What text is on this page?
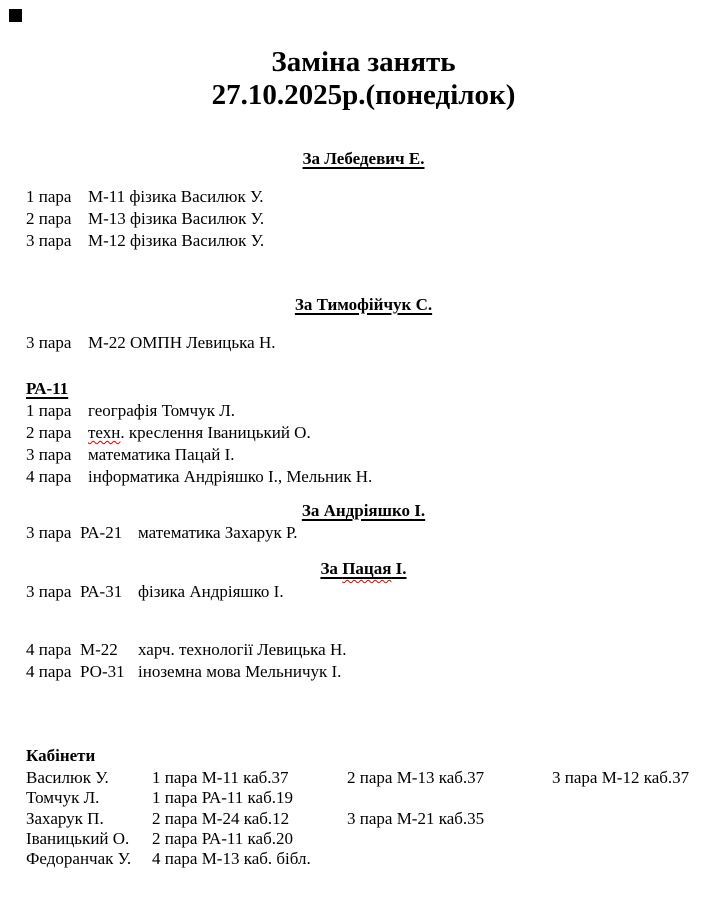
Заміна занять
27.10.2025р.(понеділок)
За Лебедевич Е.
1 пара М-11 фізика Василюк У.
2 пара М-13 фізика Василюк У.
3 пара М-12 фізика Василюк У.
За Тимофійчук С.
3 пара М-22 ОМПН Левицька Н.
РА-11
1 пара географія Томчук Л.
2 пара техн. креслення Іваницький О.
3 пара математика Пацай І.
4 пара інформатика Андріяшко І., Мельник Н.
За Андріяшко І.
3 пара РА-21 математика Захарук Р.
За Пацая І.
3 пара РА-31 фізика Андріяшко І.
4 пара М-22 харч. технології Левицька Н.
4 пара РО-31 іноземна мова Мельничук І.
Кабінети
Василюк У.	1 пара М-11 каб.37	2 пара М-13 каб.37	3 пара М-12 каб.37
Томчук Л.	1 пара РА-11 каб.19
Захарук П.	2 пара М-24 каб.12	3 пара М-21 каб.35
Іваницький О.	2 пара РА-11 каб.20
Федоранчак У.	4 пара М-13 каб. бібл.
